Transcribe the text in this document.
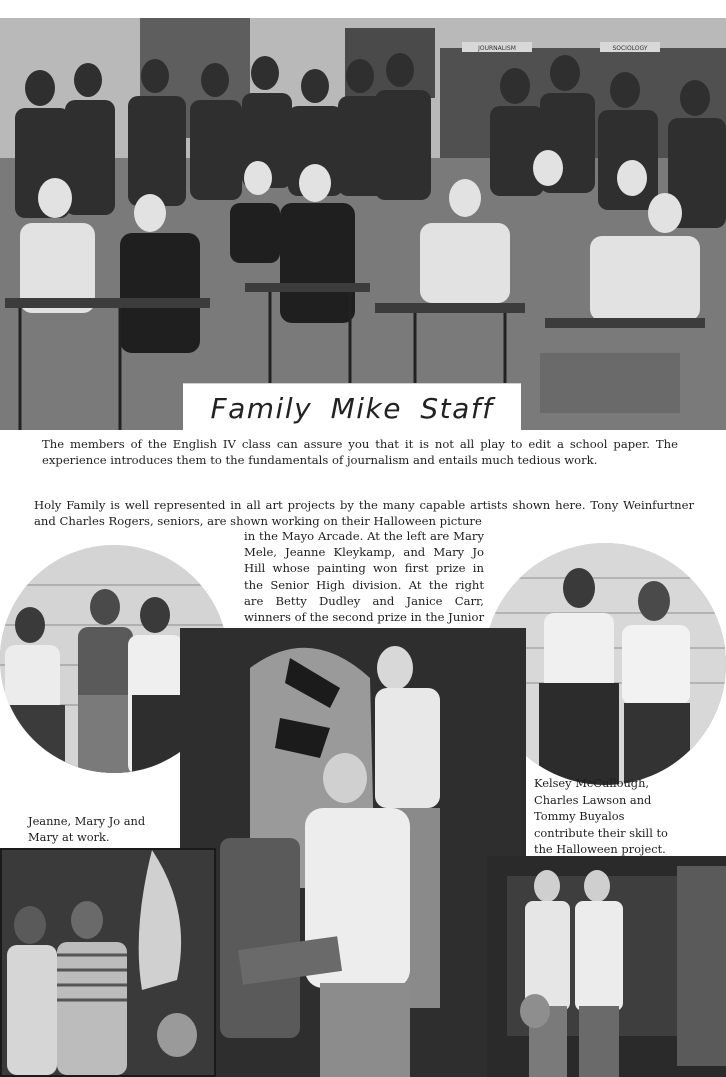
JOURNALISM	SOCIOLOGY
Family Mike Staff

The members of the English IV class can assure you that it is not all play to edit a school paper. The experience introduces them to the fundamentals of journalism and entails much tedious work.

Holy Family is well represented in all art projects by the many capable artists shown here. Tony Weinfurtner and Charles Rogers, seniors, are shown working on their Halloween picture

in the Mayo Arcade. At the left are Mary Mele, Jeanne Kleykamp, and Mary Jo Hill whose painting won first prize in the Senior High division. At the right are Betty Dudley and Janice Carr, winners of the second prize in the Junior

Jeanne, Mary Jo and Mary at work.

Kelsey McCullough, Charles Lawson and Tommy Buyalos contribute their skill to the Halloween project.
